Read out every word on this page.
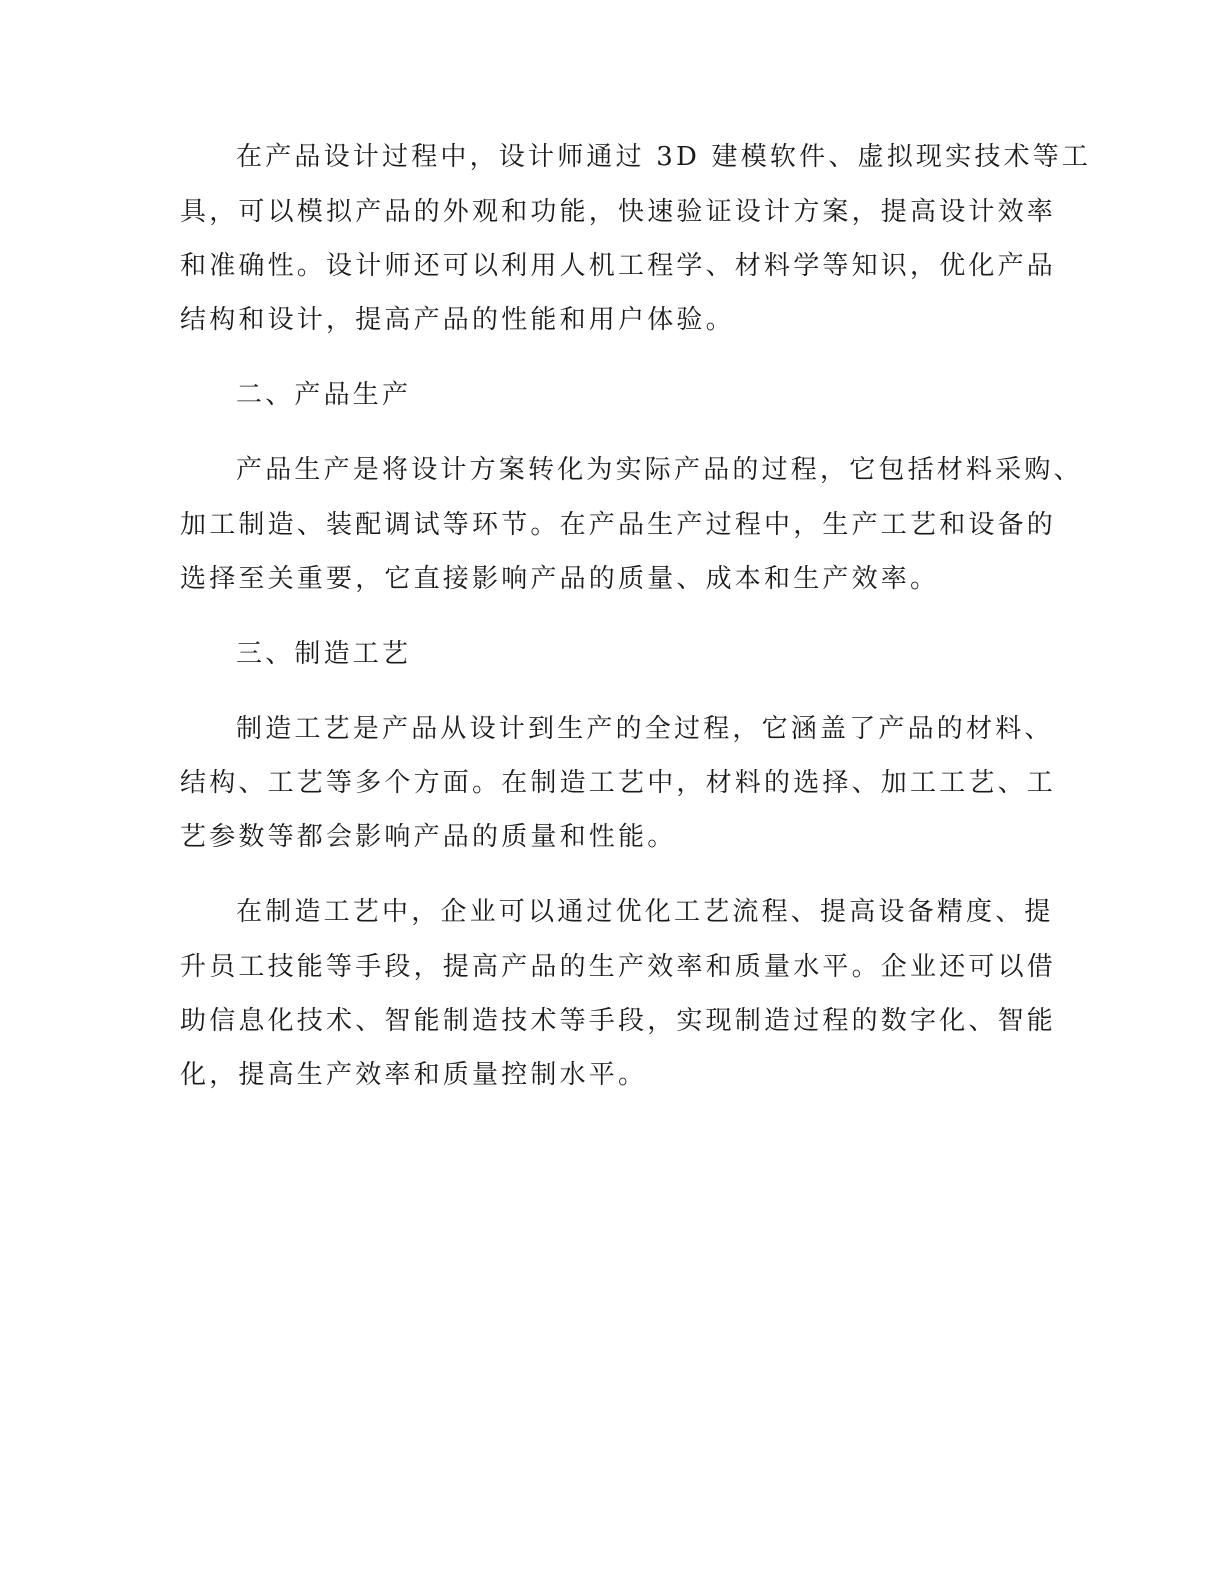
在产品设计过程中，设计师通过 3D 建模软件、虚拟现实技术等工
具，可以模拟产品的外观和功能，快速验证设计方案，提高设计效率
和准确性。设计师还可以利用人机工程学、材料学等知识，优化产品
结构和设计，提高产品的性能和用户体验。
二、产品生产
产品生产是将设计方案转化为实际产品的过程，它包括材料采购、
加工制造、装配调试等环节。在产品生产过程中，生产工艺和设备的
选择至关重要，它直接影响产品的质量、成本和生产效率。
三、制造工艺
制造工艺是产品从设计到生产的全过程，它涵盖了产品的材料、
结构、工艺等多个方面。在制造工艺中，材料的选择、加工工艺、工
艺参数等都会影响产品的质量和性能。
在制造工艺中，企业可以通过优化工艺流程、提高设备精度、提
升员工技能等手段，提高产品的生产效率和质量水平。企业还可以借
助信息化技术、智能制造技术等手段，实现制造过程的数字化、智能
化，提高生产效率和质量控制水平。
